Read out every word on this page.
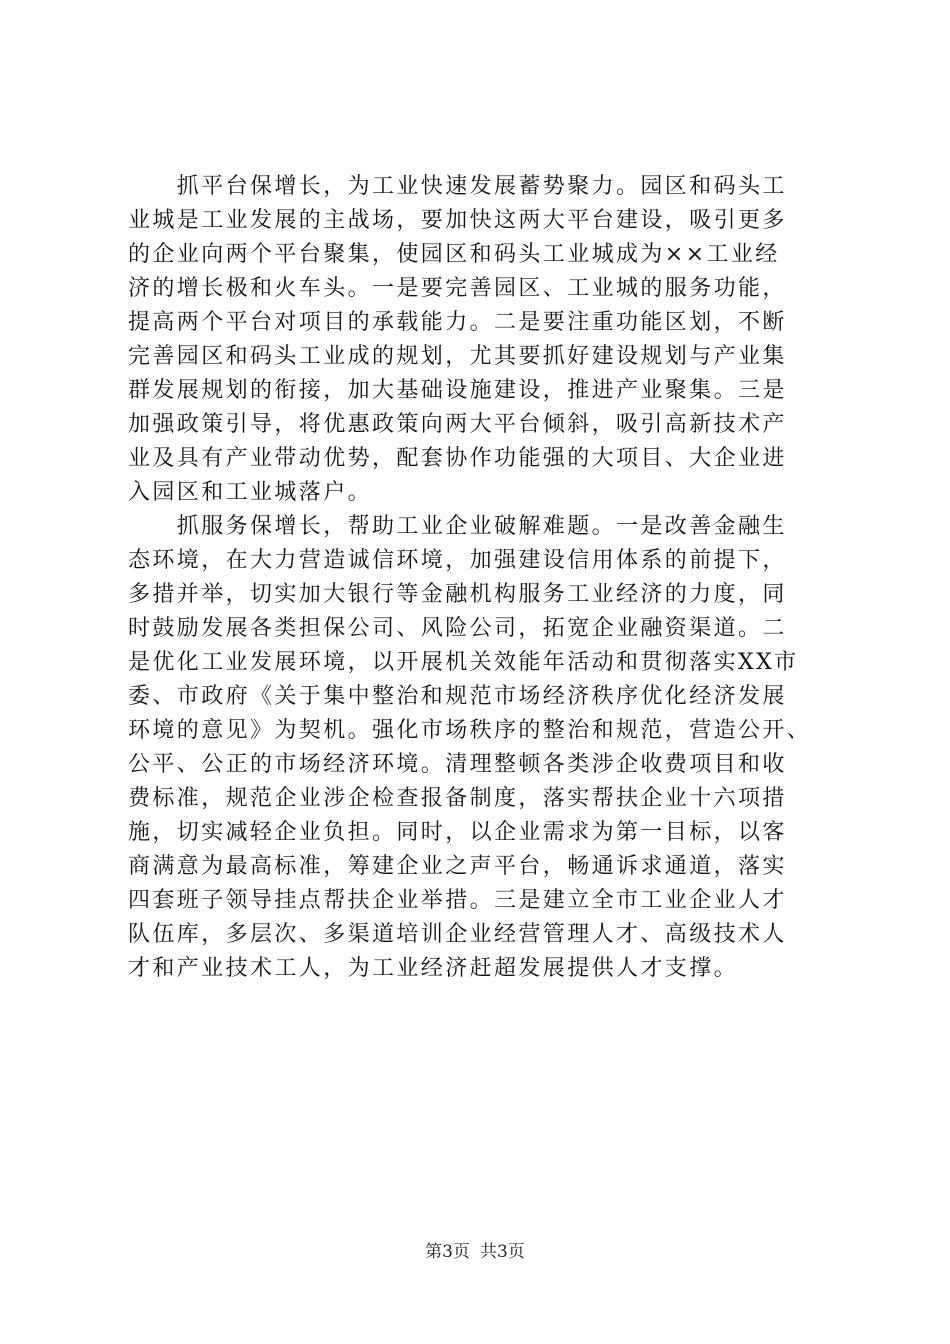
　　抓平台保增长，为工业快速发展蓄势聚力。园区和码头工
业城是工业发展的主战场，要加快这两大平台建设，吸引更多
的企业向两个平台聚集，使园区和码头工业城成为××工业经
济的增长极和火车头。一是要完善园区、工业城的服务功能，
提高两个平台对项目的承载能力。二是要注重功能区划，不断
完善园区和码头工业成的规划，尤其要抓好建设规划与产业集
群发展规划的衔接，加大基础设施建设，推进产业聚集。三是
加强政策引导，将优惠政策向两大平台倾斜，吸引高新技术产
业及具有产业带动优势，配套协作功能强的大项目、大企业进
入园区和工业城落户。
　　抓服务保增长，帮助工业企业破解难题。一是改善金融生
态环境，在大力营造诚信环境，加强建设信用体系的前提下，
多措并举，切实加大银行等金融机构服务工业经济的力度，同
时鼓励发展各类担保公司、风险公司，拓宽企业融资渠道。二
是优化工业发展环境，以开展机关效能年活动和贯彻落实XX市
委、市政府《关于集中整治和规范市场经济秩序优化经济发展
环境的意见》为契机。强化市场秩序的整治和规范，营造公开、
公平、公正的市场经济环境。清理整顿各类涉企收费项目和收
费标准，规范企业涉企检查报备制度，落实帮扶企业十六项措
施，切实减轻企业负担。同时，以企业需求为第一目标，以客
商满意为最高标准，筹建企业之声平台，畅通诉求通道，落实
四套班子领导挂点帮扶企业举措。三是建立全市工业企业人才
队伍库，多层次、多渠道培训企业经营管理人才、高级技术人
才和产业技术工人，为工业经济赶超发展提供人才支撑。
第3页 共3页
